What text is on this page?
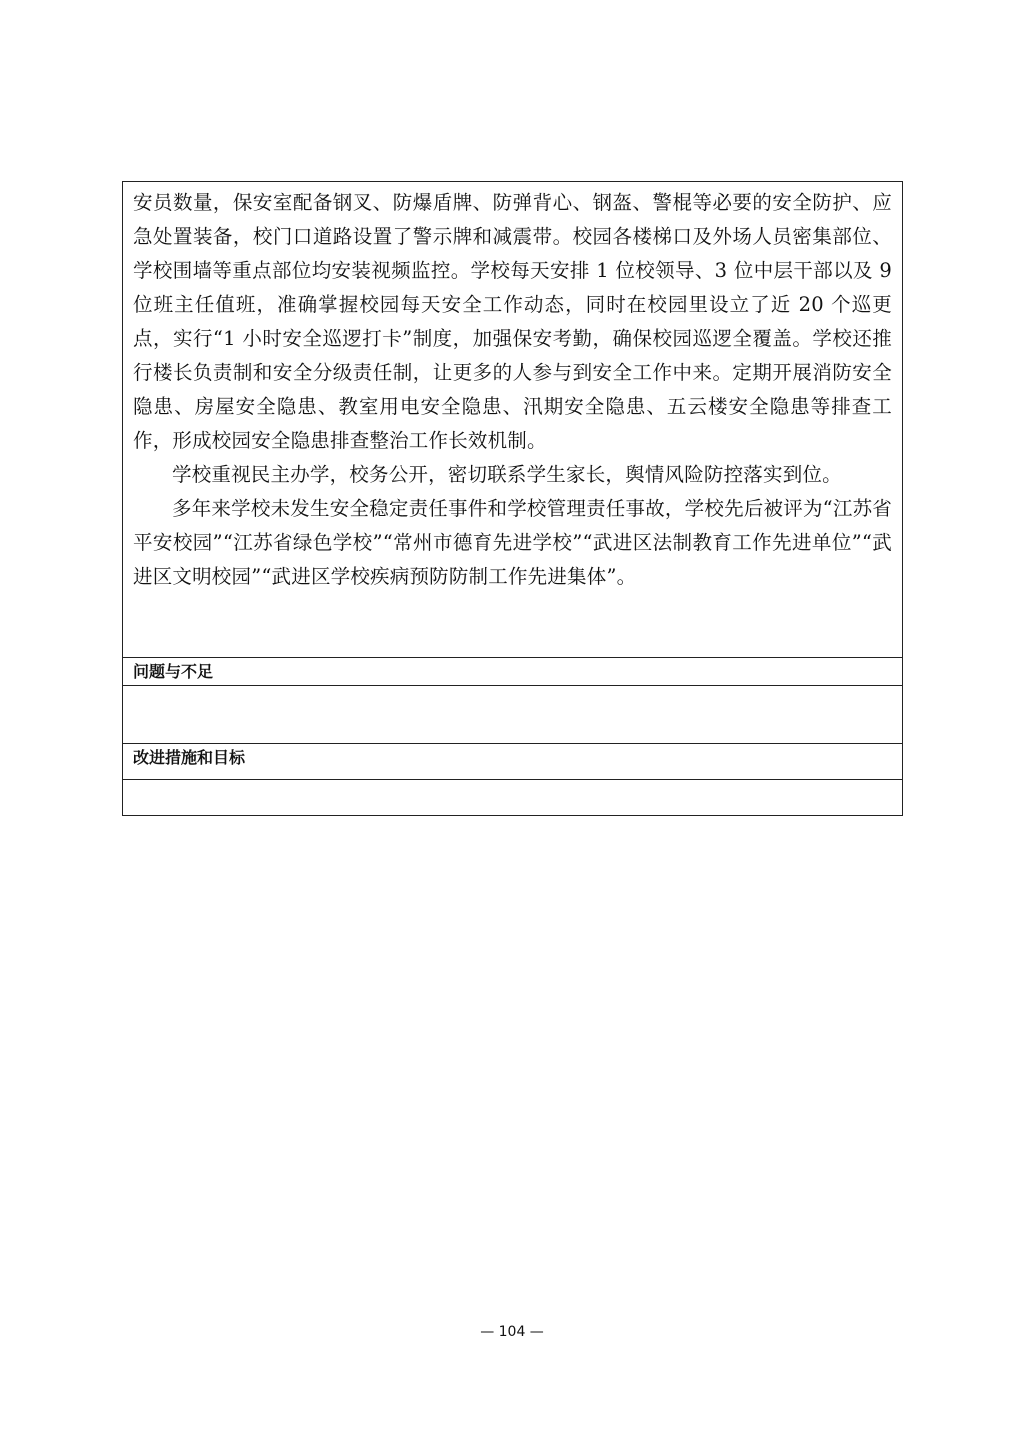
安员数量，保安室配备钢叉、防爆盾牌、防弹背心、钢盔、警棍等必要的安全防护、应急处置装备，校门口道路设置了警示牌和减震带。校园各楼梯口及外场人员密集部位、学校围墙等重点部位均安装视频监控。学校每天安排 1 位校领导、3 位中层干部以及 9 位班主任值班，准确掌握校园每天安全工作动态，同时在校园里设立了近 20 个巡更点，实行“1 小时安全巡逻打卡”制度，加强保安考勤，确保校园巡逻全覆盖。学校还推行楼长负责制和安全分级责任制，让更多的人参与到安全工作中来。定期开展消防安全隐患、房屋安全隐患、教室用电安全隐患、汛期安全隐患、五云楼安全隐患等排查工作，形成校园安全隐患排查整治工作长效机制。

学校重视民主办学，校务公开，密切联系学生家长，舆情风险防控落实到位。

多年来学校未发生安全稳定责任事件和学校管理责任事故，学校先后被评为“江苏省平安校园”“江苏省绿色学校”“常州市德育先进学校”“武进区法制教育工作先进单位”“武进区文明校园”“武进区学校疾病预防防制工作先进集体”。

问题与不足
改进措施和目标
— 104 —
